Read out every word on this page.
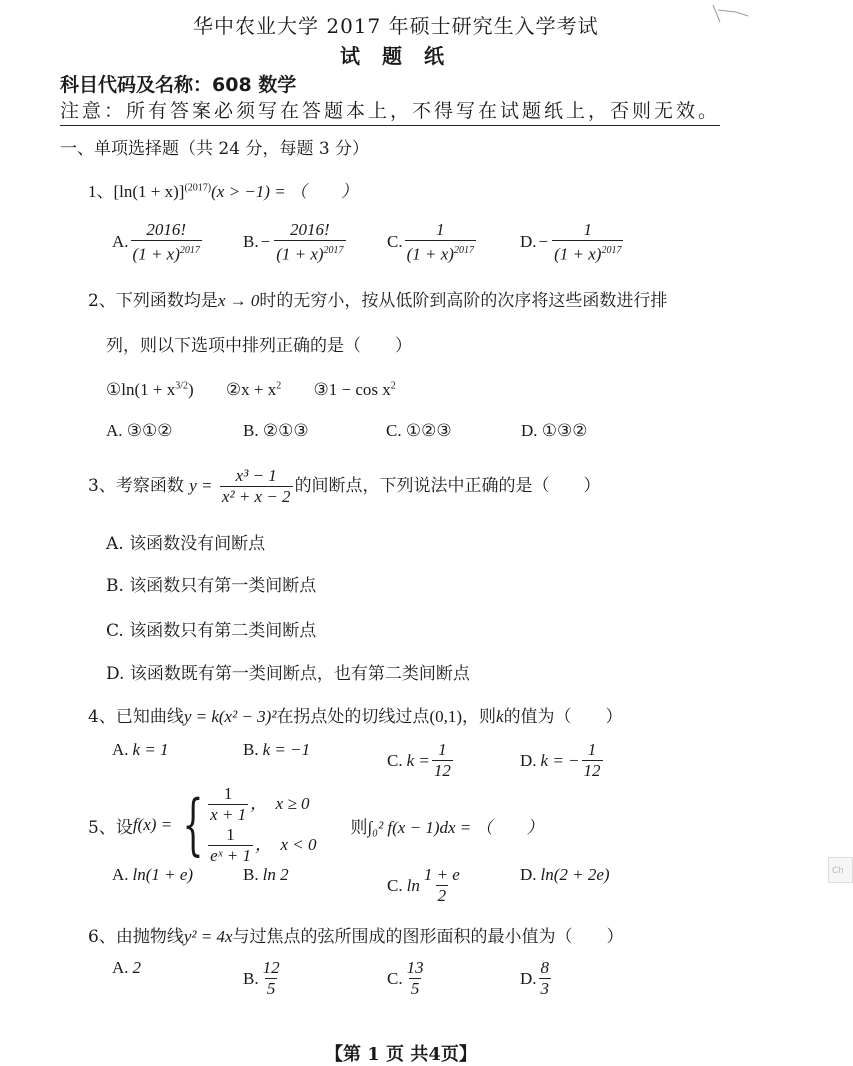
华中农业大学 2017 年硕士研究生入学考试
试　题　纸
科目代码及名称：608 数学
注意：所有答案必须写在答题本上，不得写在试题纸上，否则无效。
一、单项选择题（共 24 分，每题 3 分）
1、$[\ln(1 + x)]^{(2017)}(x > -1)$ = （　　）
A. $\frac{2016!}{(1 + x)^{2017}} B$. − $\frac{2016!}{(1 + x)^{2017}} C$. $\frac{1}{(1 + x)^{2017}}$	D. − $\frac{1}{(1 + x)^{2017}}$
2、下列函数均是x → 0时的无穷小，按从低阶到高阶的次序将这些函数进行排
列，则以下选项中排列正确的是（　　）
①ln(1 + $x^{3/2}$) ②x + $x^2$ ③1 − $\cos x^2$
A. ③①②	B. ②①③	C. ①②③	D. ①③②
3、考察函数 $y = \frac{\text{x³ − 1}}{\text{x² + x − 2}}$ 的间断点，下列说法中正确的是（　　）
A. 该函数没有间断点
B. 该函数只有第一类间断点
C. 该函数只有第二类间断点
D. 该函数既有第一类间断点，也有第二类间断点
4、已知曲线y = k(x² − 3)²在拐点处的切线过点(0,1)，则k的值为（　　）
A. k = 1	B. k = −1
C. $k = \frac{1}{12}$	D. k = − $\frac{1}{12}$
5、设 f(x) = { $\frac{1}{x + 1}$ ，　x ≥ 0
$\frac{1}{\text{eˣ + 1}}$ ，　x < 0
则 ∫₀² f(x − 1)dx = （　　）
A. ln(1 + e)	B. ln 2
C. $\ln \frac{1 + e}{2}$	D. ln(2 + 2e)
6、由抛物线y² = 4x与过焦点的弦所围成的图形面积的最小值为（　　）
A. 2
B. $\frac{12}{5}$	C. $\frac{13}{5}$	D. $\frac{8}{3}$
【第 1 页 共4页】
Ch
